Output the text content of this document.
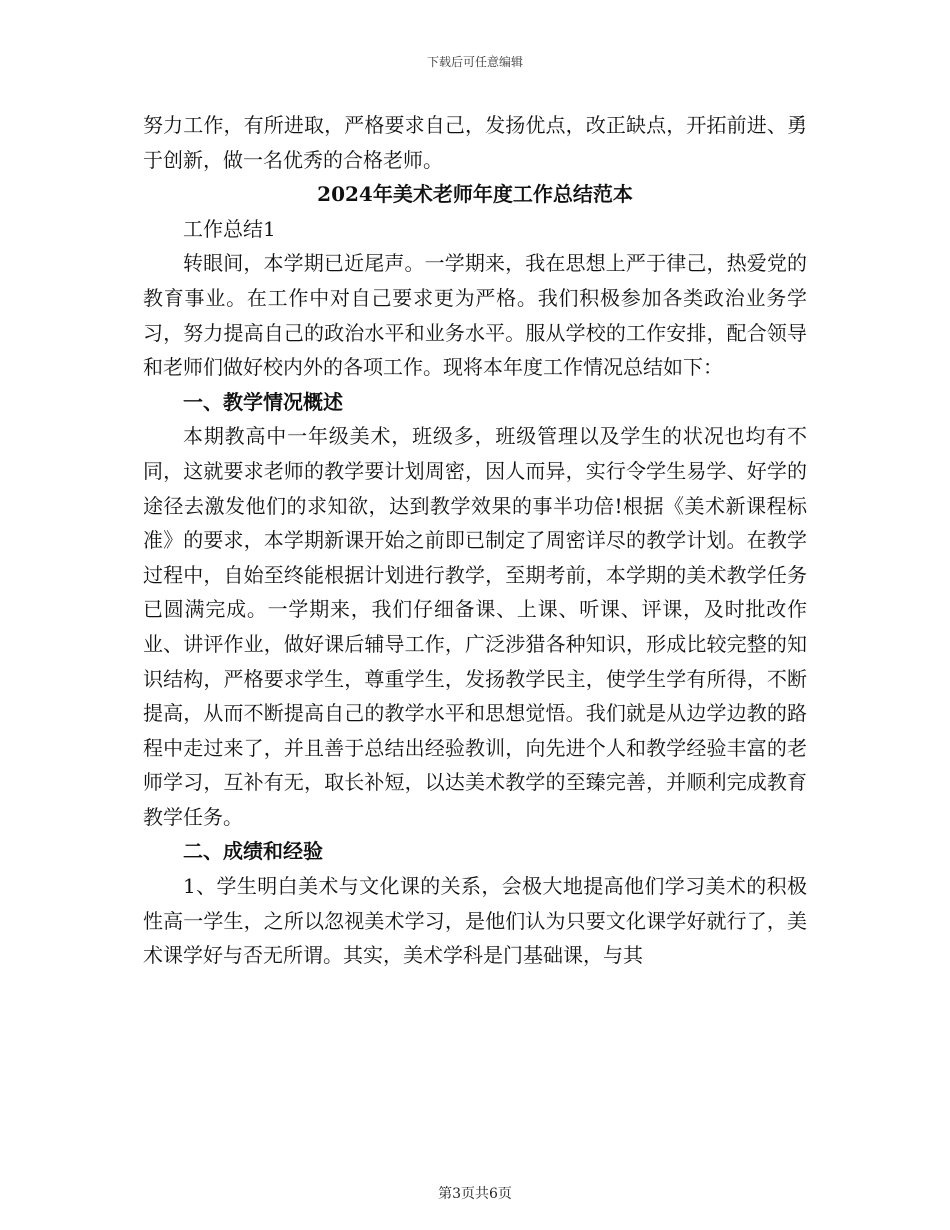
下载后可任意编辑

努力工作，有所进取，严格要求自己，发扬优点，改正缺点，开拓前进、勇于创新，做一名优秀的合格老师。

2024年美术老师年度工作总结范本

工作总结1

转眼间，本学期已近尾声。一学期来，我在思想上严于律己，热爱党的教育事业。在工作中对自己要求更为严格。我们积极参加各类政治业务学习，努力提高自己的政治水平和业务水平。服从学校的工作安排，配合领导和老师们做好校内外的各项工作。现将本年度工作情况总结如下：

一、教学情况概述

本期教高中一年级美术，班级多，班级管理以及学生的状况也均有不同，这就要求老师的教学要计划周密，因人而异，实行令学生易学、好学的途径去激发他们的求知欲，达到教学效果的事半功倍!根据《美术新课程标准》的要求，本学期新课开始之前即已制定了周密详尽的教学计划。在教学过程中，自始至终能根据计划进行教学，至期考前，本学期的美术教学任务已圆满完成。一学期来，我们仔细备课、上课、听课、评课，及时批改作业、讲评作业，做好课后辅导工作，广泛涉猎各种知识，形成比较完整的知识结构，严格要求学生，尊重学生，发扬教学民主，使学生学有所得，不断提高，从而不断提高自己的教学水平和思想觉悟。我们就是从边学边教的路程中走过来了，并且善于总结出经验教训，向先进个人和教学经验丰富的老师学习，互补有无，取长补短，以达美术教学的至臻完善，并顺利完成教育教学任务。

二、成绩和经验

1、学生明白美术与文化课的关系，会极大地提高他们学习美术的积极性高一学生，之所以忽视美术学习，是他们认为只要文化课学好就行了，美术课学好与否无所谓。其实，美术学科是门基础课，与其

第3页共6页
